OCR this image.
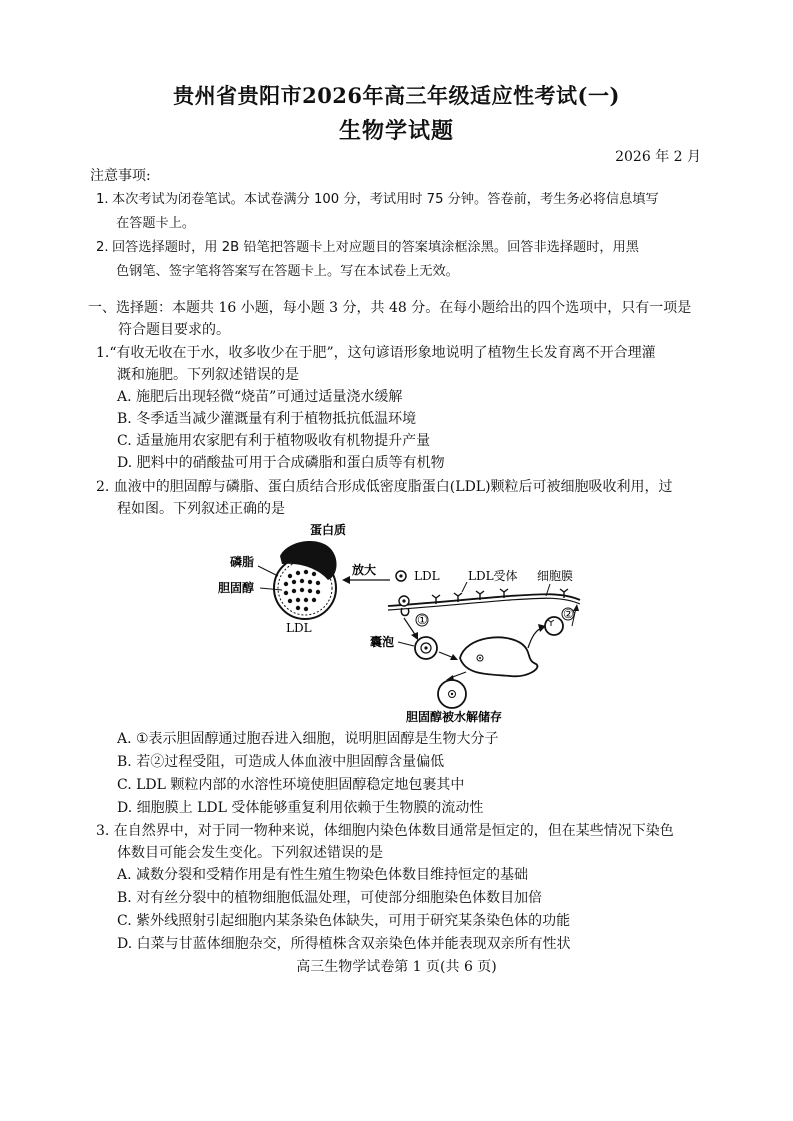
贵州省贵阳市2026年高三年级适应性考试(一)
生物学试题
2026 年 2 月
注意事项:
1. 本次考试为闭卷笔试。本试卷满分 100 分，考试用时 75 分钟。答卷前，考生务必将信息填写
在答题卡上。
2. 回答选择题时，用 2B 铅笔把答题卡上对应题目的答案填涂框涂黑。回答非选择题时，用黑
色钢笔、签字笔将答案写在答题卡上。写在本试卷上无效。
一、选择题：本题共 16 小题，每小题 3 分，共 48 分。在每小题给出的四个选项中，只有一项是
符合题目要求的。
1.“有收无收在于水，收多收少在于肥”，这句谚语形象地说明了植物生长发育离不开合理灌
溉和施肥。下列叙述错误的是
A. 施肥后出现轻微“烧苗”可通过适量浇水缓解
B. 冬季适当减少灌溉量有利于植物抵抗低温环境
C. 适量施用农家肥有利于植物吸收有机物提升产量
D. 肥料中的硝酸盐可用于合成磷脂和蛋白质等有机物
2. 血液中的胆固醇与磷脂、蛋白质结合形成低密度脂蛋白(LDL)颗粒后可被细胞吸收利用，过
程如图。下列叙述正确的是
蛋白质
磷脂
胆固醇
LDL
放大	LDL LDL受体 细胞膜
①
囊泡
②
胆固醇被水解储存
A. ①表示胆固醇通过胞吞进入细胞，说明胆固醇是生物大分子
B. 若②过程受阻，可造成人体血液中胆固醇含量偏低
C. LDL 颗粒内部的水溶性环境使胆固醇稳定地包裹其中
D. 细胞膜上 LDL 受体能够重复利用依赖于生物膜的流动性
3. 在自然界中，对于同一物种来说，体细胞内染色体数目通常是恒定的，但在某些情况下染色
体数目可能会发生变化。下列叙述错误的是
A. 减数分裂和受精作用是有性生殖生物染色体数目维持恒定的基础
B. 对有丝分裂中的植物细胞低温处理，可使部分细胞染色体数目加倍
C. 紫外线照射引起细胞内某条染色体缺失，可用于研究某条染色体的功能
D. 白菜与甘蓝体细胞杂交，所得植株含双亲染色体并能表现双亲所有性状
高三生物学试卷第 1 页(共 6 页)
